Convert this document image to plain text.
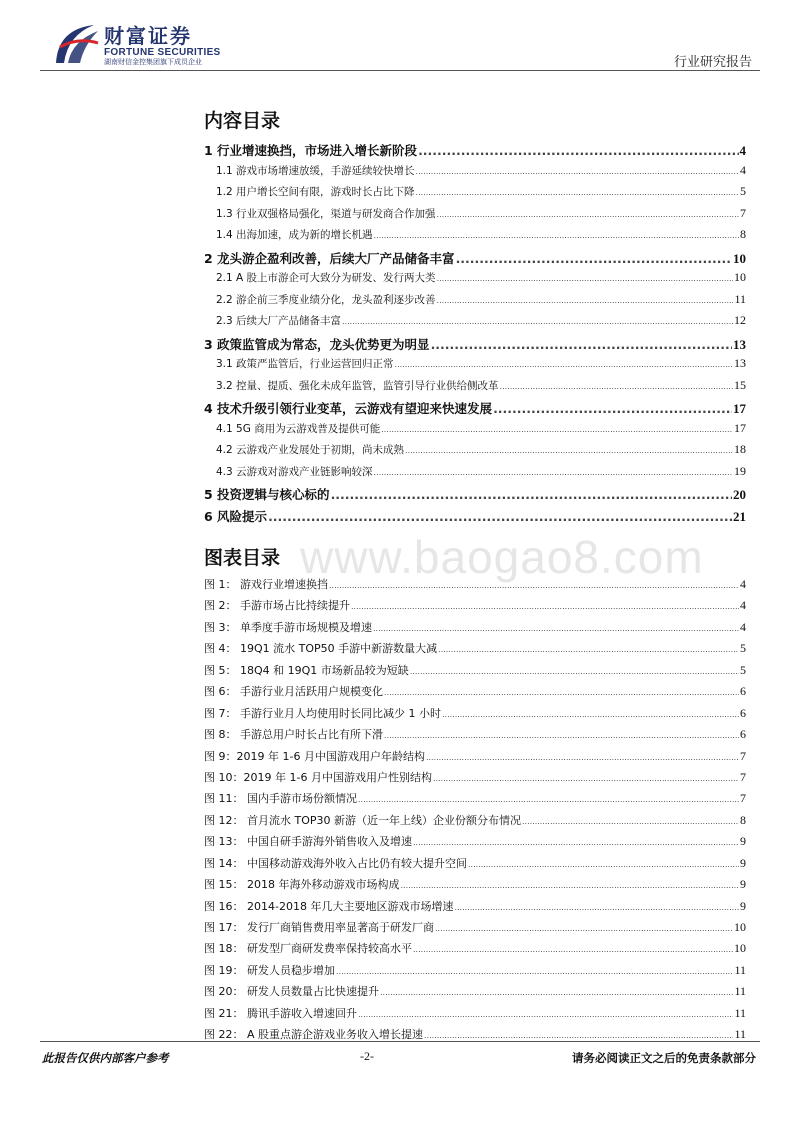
财富证券
FORTUNE SECURITIES
湖南财信金控集团旗下成员企业	行业研究报告
www.baogao8.com
内容目录
1 行业增速换挡，市场进入增长新阶段 .....	4
1.1 游戏市场增速放缓，手游延续较快增长 .....	4
1.2 用户增长空间有限，游戏时长占比下降 .....	5
1.3 行业双强格局强化，渠道与研发商合作加强 .....	7
1.4 出海加速，成为新的增长机遇 .....	8
2 龙头游企盈利改善，后续大厂产品储备丰富 .....	10
2.1 A 股上市游企可大致分为研发、发行两大类 .....	10
2.2 游企前三季度业绩分化，龙头盈利逐步改善 .....	11
2.3 后续大厂产品储备丰富 .....	12
3 政策监管成为常态，龙头优势更为明显 .....	13
3.1 政策严监管后，行业运营回归正常 .....	13
3.2 控量、提质、强化未成年监管，监管引导行业供给侧改革 .....	15
4 技术升级引领行业变革，云游戏有望迎来快速发展 .....	17
4.1 5G 商用为云游戏普及提供可能 .....	17
4.2 云游戏产业发展处于初期，尚未成熟 .....	18
4.3 云游戏对游戏产业链影响较深 .....	19
5 投资逻辑与核心标的 .....	20
6 风险提示 .....	21
图表目录
图 1： 游戏行业增速换挡 .....	4
图 2： 手游市场占比持续提升 .....	4
图 3： 单季度手游市场规模及增速 .....	4
图 4： 19Q1 流水 TOP50 手游中新游数量大减 .....	5
图 5： 18Q4 和 19Q1 市场新品较为短缺 .....	5
图 6： 手游行业月活跃用户规模变化 .....	6
图 7： 手游行业月人均使用时长同比减少 1 小时 .....	6
图 8： 手游总用户时长占比有所下滑 .....	6
图 9：2019 年 1-6 月中国游戏用户年龄结构 .....	7
图 10：2019 年 1-6 月中国游戏用户性别结构 .....	7
图 11： 国内手游市场份额情况 .....	7
图 12： 首月流水 TOP30 新游（近一年上线）企业份额分布情况 .....	8
图 13： 中国自研手游海外销售收入及增速 .....	9
图 14： 中国移动游戏海外收入占比仍有较大提升空间 .....	9
图 15： 2018 年海外移动游戏市场构成 .....	9
图 16： 2014-2018 年几大主要地区游戏市场增速 .....	9
图 17： 发行厂商销售费用率显著高于研发厂商 .....	10
图 18： 研发型厂商研发费率保持较高水平 .....	10
图 19： 研发人员稳步增加 .....	11
图 20： 研发人员数量占比快速提升 .....	11
图 21： 腾讯手游收入增速回升 .....	11
图 22： A 股重点游企游戏业务收入增长提速 .....	11
此报告仅供内部客户参考	-2-	请务必阅读正文之后的免责条款部分
